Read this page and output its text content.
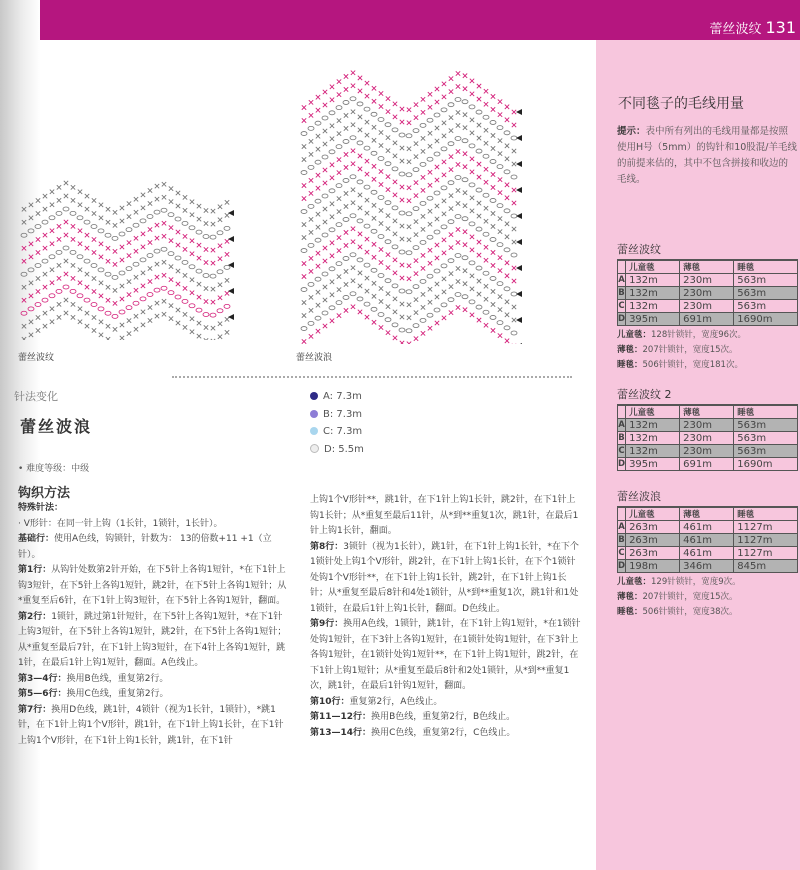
蕾丝波纹 131
不同毯子的毛线用量
提示：表中所有列出的毛线用量都是按照使用H号（5mm）的钩针和10股混/羊毛线的前提来估的，其中不包含拼接和收边的毛线。
蕾丝波纹
	儿童毯	薄毯	睡毯
A	132m	230m	563m
B	132m	230m	563m
C	132m	230m	563m
D	395m	691m	1690m
儿童毯：128针锁针，宽度96次。
薄毯：207针锁针，宽度15次。
睡毯：506针锁针，宽度181次。
蕾丝波纹 2
	儿童毯	薄毯	睡毯
A	132m	230m	563m
B	132m	230m	563m
C	132m	230m	563m
D	395m	691m	1690m
蕾丝波浪
	儿童毯	薄毯	睡毯
A	263m	461m	1127m
B	263m	461m	1127m
C	263m	461m	1127m
D	198m	346m	845m
儿童毯：129针锁针，宽度9次。
薄毯：207针锁针，宽度15次。
睡毯：506针锁针，宽度38次。
蕾丝波纹	蕾丝波浪
针法变化
蕾丝波浪
• 难度等级：中级
钩织方法
A: 7.3m
B: 7.3m
C: 7.3m
D: 5.5m

特殊针法：

· V形针：在同一针上钩（1长针，1锁针，1长针）。

基础行：使用A色线，钩锁针，针数为： 13的倍数+11 +1（立针）。

第1行：从钩针处数第2针开始，在下5针上各钩1短针，*在下1针上钩3短针，在下5针上各钩1短针，跳2针，在下5针上各钩1短针；从*重复至后6针，在下1针上钩3短针，在下5针上各钩1短针，翻面。

第2行：1锁针，跳过第1针短针，在下5针上各钩1短针，*在下1针上钩3短针，在下5针上各钩1短针，跳2针，在下5针上各钩1短针；从*重复至最后7针，在下1针上钩3短针，在下4针上各钩1短针，跳1针，在最后1针上钩1短针，翻面。A色线止。

第3—4行：换用B色线，重复第2行。

第5—6行：换用C色线，重复第2行。

第7行：换用D色线，跳1针，4锁针（视为1长针，1锁针），*跳1针，在下1针上钩1个V形针，跳1针，在下1针上钩1长针，在下1针上钩1个V形针，在下1针上钩1长针，跳1针，在下1针

上钩1个V形针**，跳1针，在下1针上钩1长针，跳2针，在下1针上钩1长针；从*重复至最后11针，从*到**重复1次，跳1针，在最后1针上钩1长针，翻面。

第8行：3锁针（视为1长针），跳1针，在下1针上钩1长针，*在下个1锁针处上钩1个V形针，跳2针，在下1针上钩1长针，在下个1锁针处钩1个V形针**，在下1针上钩1长针，跳2针，在下1针上钩1长针；从*重复至最后8针和4处1锁针，从*到**重复1次，跳1针和1处1锁针，在最后1针上钩1长针，翻面。D色线止。

第9行：换用A色线，1锁针，跳1针，在下1针上钩1短针，*在1锁针处钩1短针，在下3针上各钩1短针，在1锁针处钩1短针，在下3针上各钩1短针，在1锁针处钩1短针**，在下1针上钩1短针，跳2针，在下1针上钩1短针；从*重复至最后8针和2处1锁针，从*到**重复1次，跳1针，在最后1针钩1短针，翻面。

第10行：重复第2行，A色线止。

第11—12行：换用B色线，重复第2行，B色线止。

第13—14行：换用C色线，重复第2行，C色线止。
